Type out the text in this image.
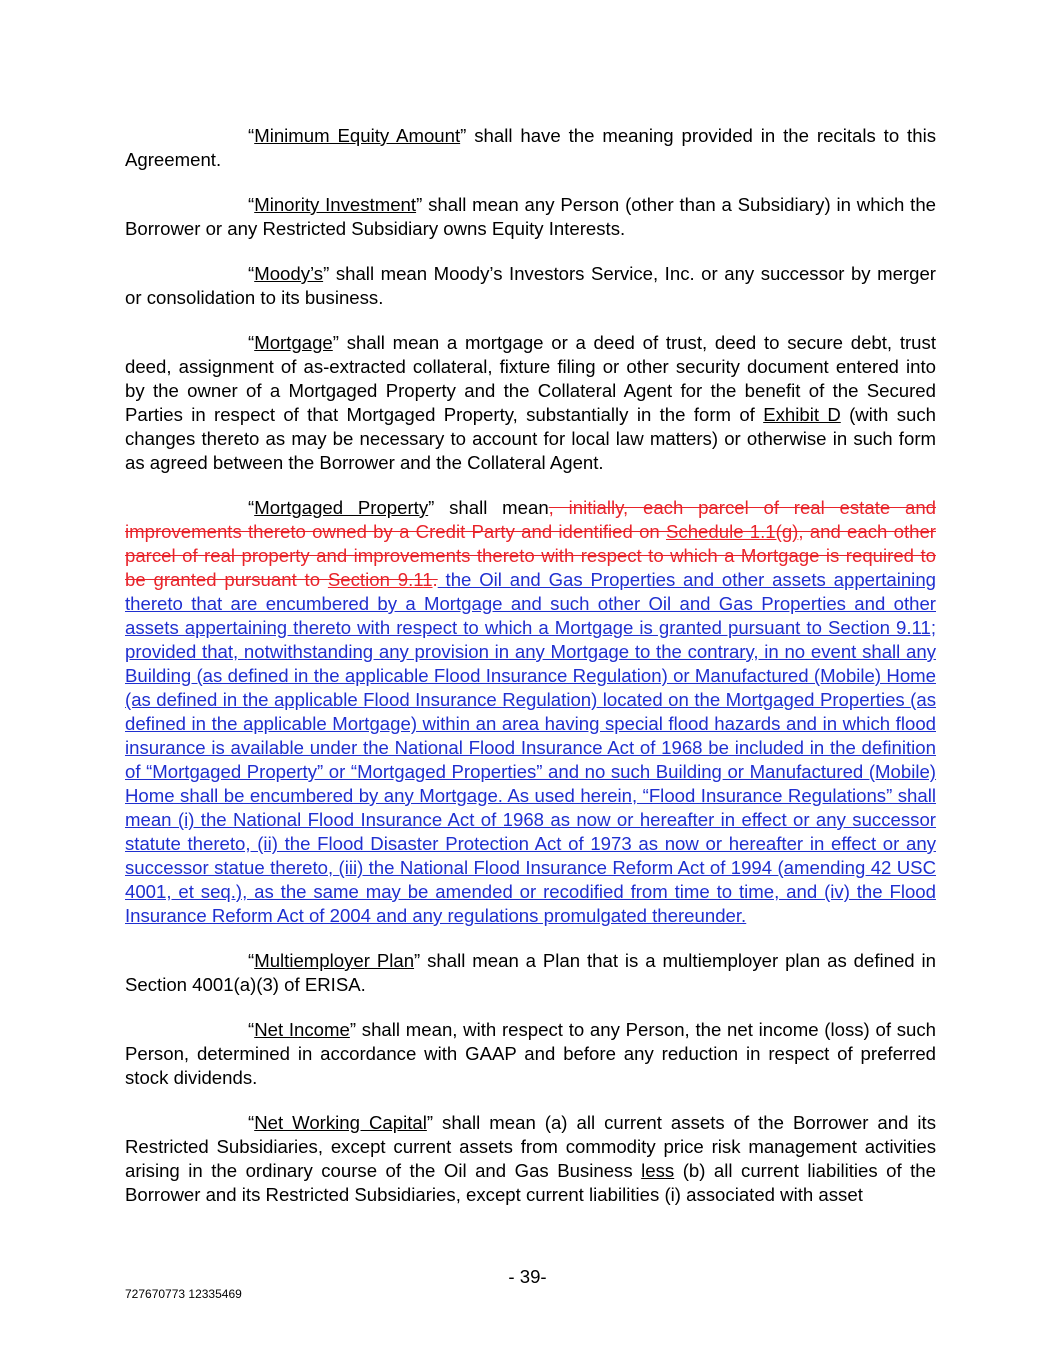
“Minimum Equity Amount” shall have the meaning provided in the recitals to this Agreement.

“Minority Investment” shall mean any Person (other than a Subsidiary) in which the Borrower or any Restricted Subsidiary owns Equity Interests.

“Moody’s” shall mean Moody’s Investors Service, Inc. or any successor by merger or consolidation to its business.

“Mortgage” shall mean a mortgage or a deed of trust, deed to secure debt, trust deed, assignment of as-extracted collateral, fixture filing or other security document entered into by the owner of a Mortgaged Property and the Collateral Agent for the benefit of the Secured Parties in respect of that Mortgaged Property, substantially in the form of Exhibit D (with such changes thereto as may be necessary to account for local law matters) or otherwise in such form as agreed between the Borrower and the Collateral Agent.

“Mortgaged Property” shall mean, initially, each parcel of real estate and improvements thereto owned by a Credit Party and identified on Schedule 1.1(g), and each other parcel of real property and improvements thereto with respect to which a Mortgage is required to be granted pursuant to Section 9.11. the Oil and Gas Properties and other assets appertaining thereto that are encumbered by a Mortgage and such other Oil and Gas Properties and other assets appertaining thereto with respect to which a Mortgage is granted pursuant to Section 9.11; provided that, notwithstanding any provision in any Mortgage to the contrary, in no event shall any Building (as defined in the applicable Flood Insurance Regulation) or Manufactured (Mobile) Home (as defined in the applicable Flood Insurance Regulation) located on the Mortgaged Properties (as defined in the applicable Mortgage) within an area having special flood hazards and in which flood insurance is available under the National Flood Insurance Act of 1968 be included in the definition of “Mortgaged Property” or “Mortgaged Properties” and no such Building or Manufactured (Mobile) Home shall be encumbered by any Mortgage. As used herein, “Flood Insurance Regulations” shall mean (i) the National Flood Insurance Act of 1968 as now or hereafter in effect or any successor statute thereto, (ii) the Flood Disaster Protection Act of 1973 as now or hereafter in effect or any successor statue thereto, (iii) the National Flood Insurance Reform Act of 1994 (amending 42 USC 4001, et seq.), as the same may be amended or recodified from time to time, and (iv) the Flood Insurance Reform Act of 2004 and any regulations promulgated thereunder.

“Multiemployer Plan” shall mean a Plan that is a multiemployer plan as defined in Section 4001(a)(3) of ERISA.

“Net Income” shall mean, with respect to any Person, the net income (loss) of such Person, determined in accordance with GAAP and before any reduction in respect of preferred stock dividends.

“Net Working Capital” shall mean (a) all current assets of the Borrower and its Restricted Subsidiaries, except current assets from commodity price risk management activities arising in the ordinary course of the Oil and Gas Business less (b) all current liabilities of the Borrower and its Restricted Subsidiaries, except current liabilities (i) associated with asset

- 39-
727670773 12335469
